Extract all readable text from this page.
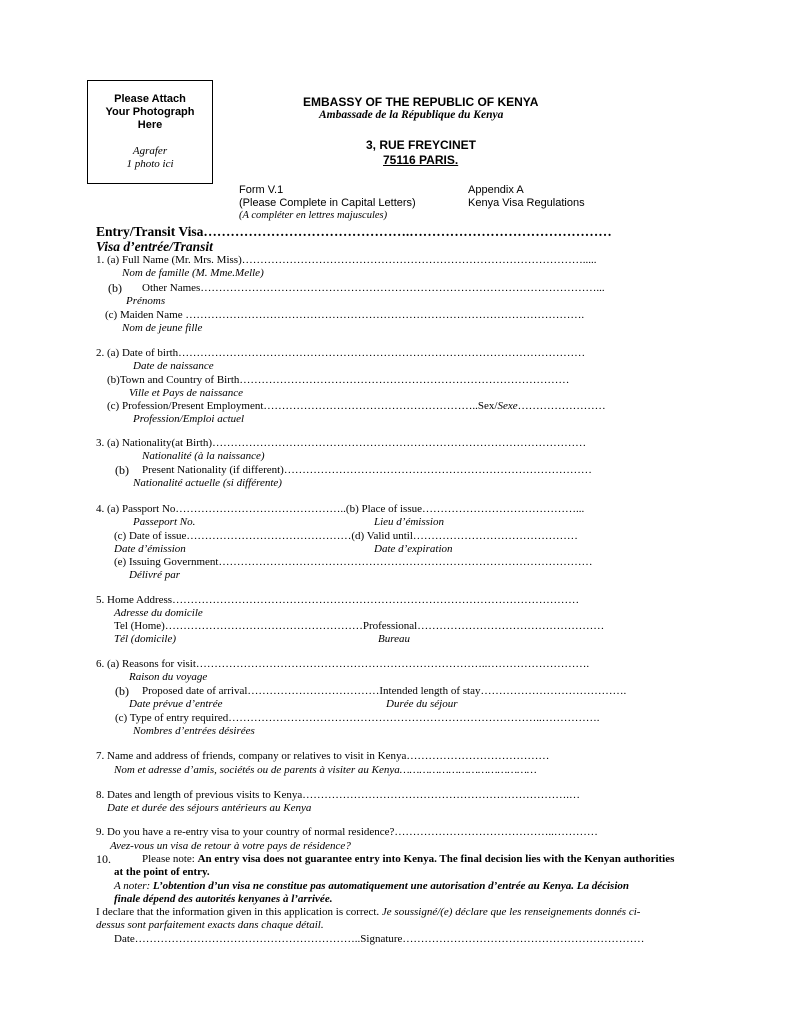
Please Attach
Your Photograph
Here
Agrafer
1 photo ici
EMBASSY OF THE REPUBLIC OF KENYA
Ambassade de la République du Kenya
3, RUE FREYCINET
75116 PARIS.
Form V.1
(Please Complete in Capital Letters)
(A compléter en lettres majuscules)
Appendix A
Kenya Visa Regulations
Entry/Transit Visa……………………………………….………………………………………
Visa d’entrée/Transit
1. (a) Full Name (Mr. Mrs. Miss)………………………………………………………………………………….....
Nom de famille (M. Mme.Melle)
(b) Other Names………………………………………………………………………………………………...
Prénoms
(c) Maiden Name ……………………………………………………………………………………………….
Nom de jeune fille
2. (a) Date of birth…………………………………………………………………………………………………
Date de naissance
(b)Town and Country of Birth………………………………………………………………………………
Ville et Pays de naissance
(c) Profession/Present Employment…………………………………………………..Sex/Sexe……………………
Profession/Emploi actuel
3. (a) Nationality(at Birth)…………………………………………………………………………………………
Nationalité (à la naissance)
(b) Present Nationality (if different)…………………………………………………………………………
Nationalité actuelle (si différente)
4. (a) Passport No………………………………………..(b) Place of issue……………………………………...
Passeport No.	Lieu d’émission
(c) Date of issue………………………………………(d) Valid until………………………………………
Date d’émission	Date d’expiration
(e) Issuing Government…………………………………………………………………………………………
Délivré par
5. Home Address…………………………………………………………………………………………………
Adresse du domicile
Tel (Home)………………………………………………Professional……………………………………………
Tél (domicile)	Bureau
6. (a) Reasons for visit……………………………………………………………………..……………………….
Raison du voyage
(b) Proposed date of arrival………………………………Intended length of stay………………………………….
Date prévue d’entrée	Durée du séjour
(c) Type of entry required…………………………………………………………………………..…………….
Nombres d’entrées désirées
7. Name and address of friends, company or relatives to visit in Kenya…………………………………
Nom et adresse d’amis, sociétés ou de parents à visiter au Kenya……………………………………
8. Dates and length of previous visits to Kenya……………………………………………………………….…
Date et durée des séjours antérieurs au Kenya
9. Do you have a re-entry visa to your country of normal residence?……………………………………..…………
Avez-vous un visa de retour à votre pays de résidence?
10.	Please note: An entry visa does not guarantee entry into Kenya. The final decision lies with the Kenyan authorities
at the point of entry.
A noter: L’obtention d’un visa ne constitue pas automatiquement une autorisation d’entrée au Kenya. La décision
finale dépend des autorités kenyanes à l’arrivée.
I declare that the information given in this application is correct. Je soussigné/(e) déclare que les renseignements donnés ci-
dessus sont parfaitement exacts dans chaque détail.
Date……………………………………………………..Signature…………………………………………………………
